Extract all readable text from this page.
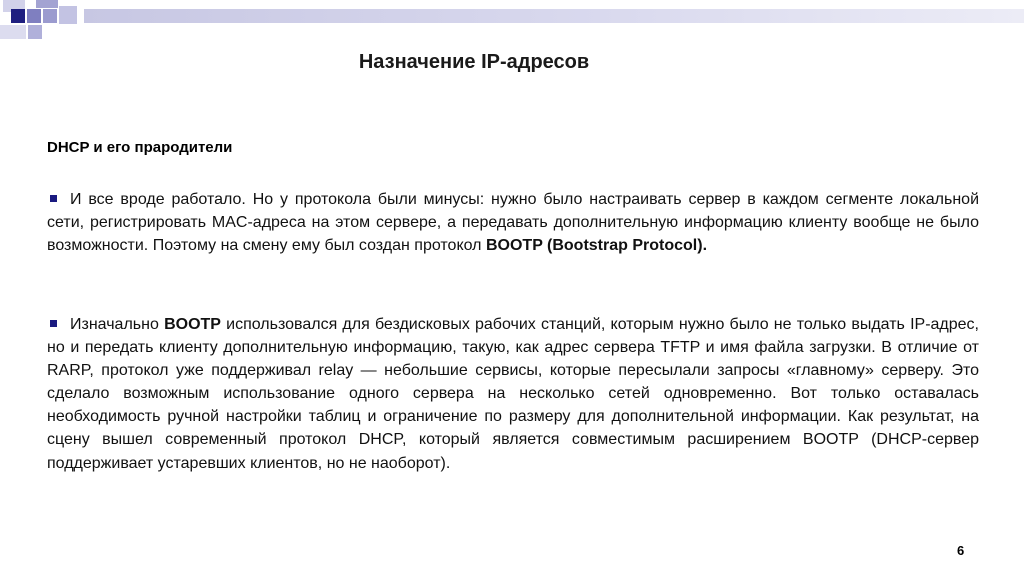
Назначение IP-адресов
DHCP и его прародители
И все вроде работало. Но у протокола были минусы: нужно было настраивать сервер в каждом сегменте локальной сети, регистрировать MAC-адреса на этом сервере, а передавать дополнительную информацию клиенту вообще не было возможности. Поэтому на смену ему был создан протокол BOOTP (Bootstrap Protocol).
Изначально BOOTP использовался для бездисковых рабочих станций, которым нужно было не только выдать IP-адрес, но и передать клиенту дополнительную информацию, такую, как адрес сервера TFTP и имя файла загрузки. В отличие от RARP, протокол уже поддерживал relay — небольшие сервисы, которые пересылали запросы «главному» серверу. Это сделало возможным использование одного сервера на несколько сетей одновременно. Вот только оставалась необходимость ручной настройки таблиц и ограничение по размеру для дополнительной информации. Как результат, на сцену вышел современный протокол DHCP, который является совместимым расширением BOOTP (DHCP-сервер поддерживает устаревших клиентов, но не наоборот).
6
